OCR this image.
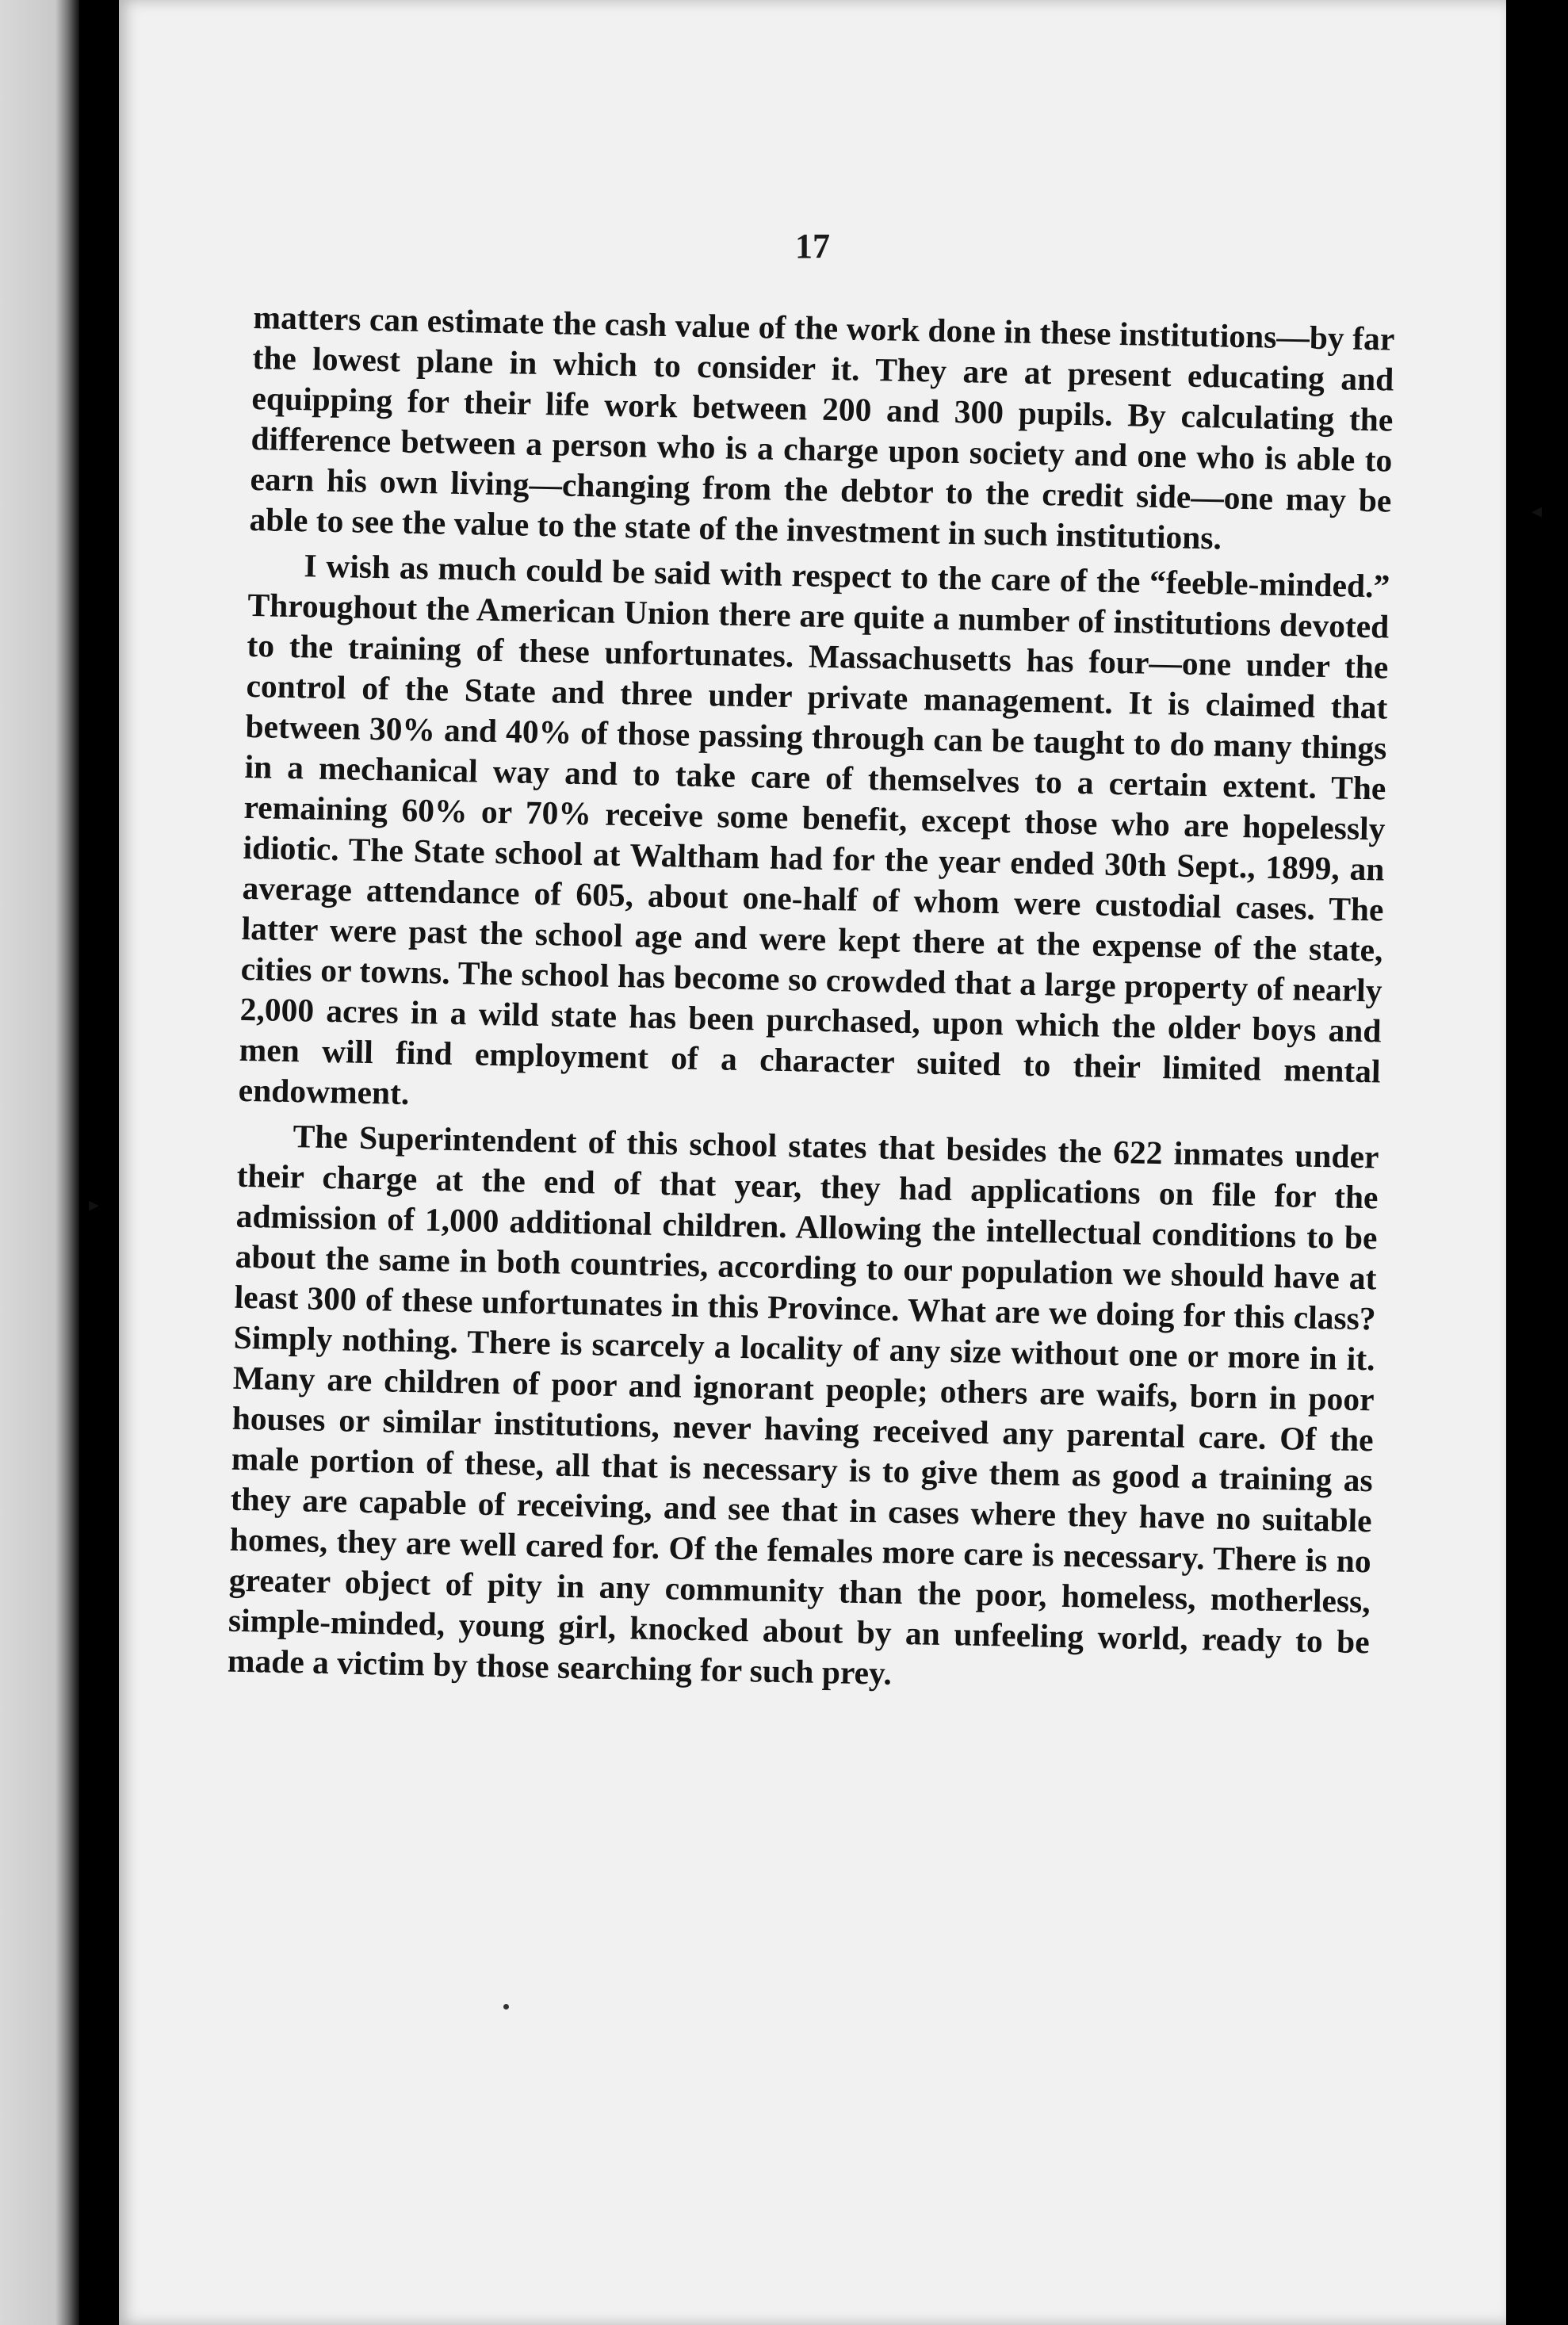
17

matters can estimate the cash value of the work done in these institutions—by far the lowest plane in which to consider it. They are at present educating and equipping for their life work between 200 and 300 pupils. By calculating the difference between a person who is a charge upon society and one who is able to earn his own living—changing from the debtor to the credit side—one may be able to see the value to the state of the investment in such institutions.

I wish as much could be said with respect to the care of the “feeble-minded.” Throughout the American Union there are quite a number of institutions devoted to the training of these unfortunates. Massachusetts has four—one under the control of the State and three under private management. It is claimed that between 30% and 40% of those passing through can be taught to do many things in a mechanical way and to take care of themselves to a certain extent. The remaining 60% or 70% receive some benefit, except those who are hopelessly idiotic. The State school at Waltham had for the year ended 30th Sept., 1899, an average attendance of 605, about one-half of whom were custodial cases. The latter were past the school age and were kept there at the expense of the state, cities or towns. The school has become so crowded that a large property of nearly 2,000 acres in a wild state has been purchased, upon which the older boys and men will find employment of a character suited to their limited mental endowment.

The Superintendent of this school states that besides the 622 inmates under their charge at the end of that year, they had applications on file for the admission of 1,000 additional children. Allowing the intellectual conditions to be about the same in both countries, according to our population we should have at least 300 of these unfortunates in this Province. What are we doing for this class? Simply nothing. There is scarcely a locality of any size without one or more in it. Many are children of poor and ignorant people; others are waifs, born in poor houses or similar institutions, never having received any parental care. Of the male portion of these, all that is necessary is to give them as good a training as they are capable of receiving, and see that in cases where they have no suitable homes, they are well cared for. Of the females more care is necessary. There is no greater object of pity in any community than the poor, homeless, motherless, simple-minded, young girl, knocked about by an unfeeling world, ready to be made a victim by those searching for such prey.

◂
▸
